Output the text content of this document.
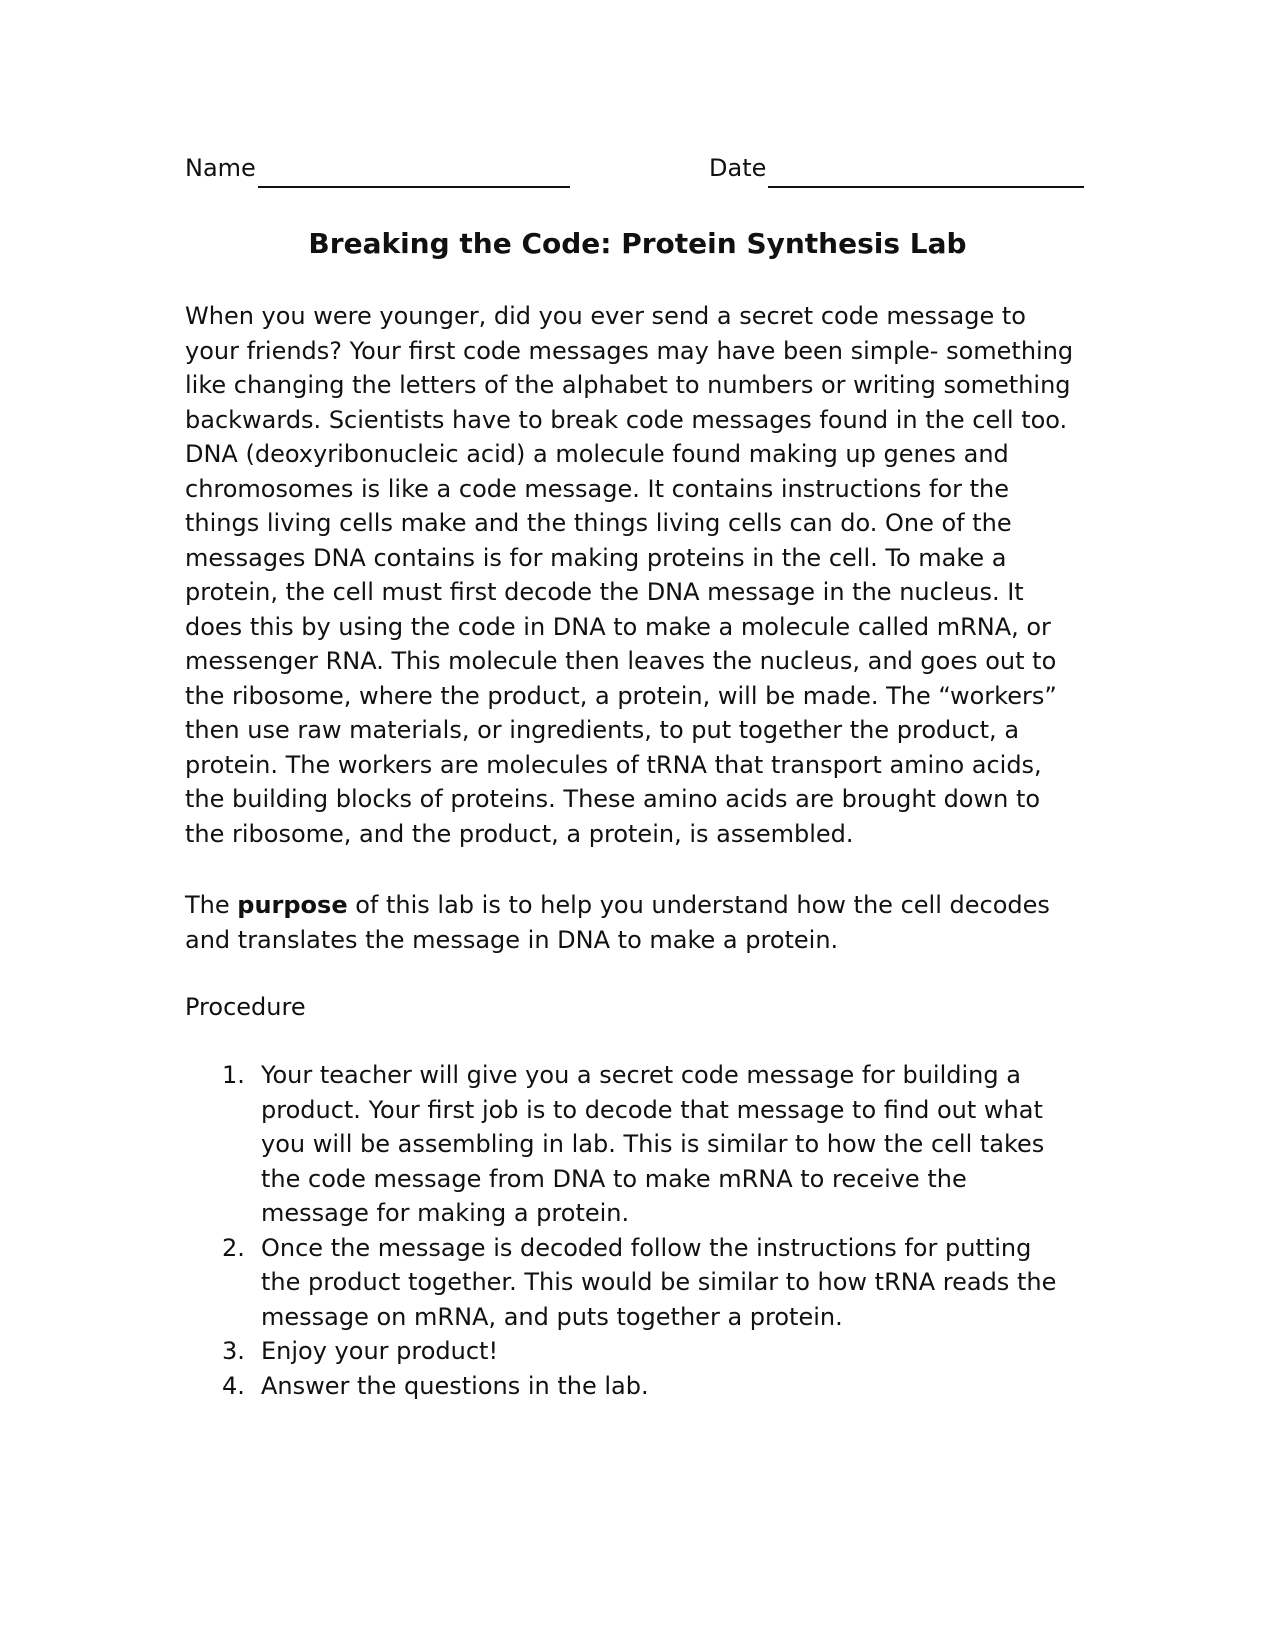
Name	Date
Breaking the Code: Protein Synthesis Lab

When you were younger, did you ever send a secret code message to your friends? Your first code messages may have been simple- something like changing the letters of the alphabet to numbers or writing something backwards. Scientists have to break code messages found in the cell too. DNA (deoxyribonucleic acid) a molecule found making up genes and chromosomes is like a code message. It contains instructions for the things living cells make and the things living cells can do. One of the messages DNA contains is for making proteins in the cell. To make a protein, the cell must first decode the DNA message in the nucleus. It does this by using the code in DNA to make a molecule called mRNA, or messenger RNA. This molecule then leaves the nucleus, and goes out to the ribosome, where the product, a protein, will be made. The “workers” then use raw materials, or ingredients, to put together the product, a protein. The workers are molecules of tRNA that transport amino acids, the building blocks of proteins. These amino acids are brought down to the ribosome, and the product, a protein, is assembled.

The purpose of this lab is to help you understand how the cell decodes and translates the message in DNA to make a protein.

Procedure

1. Your teacher will give you a secret code message for building a product. Your first job is to decode that message to find out what you will be assembling in lab. This is similar to how the cell takes the code message from DNA to make mRNA to receive the message for making a protein.
2. Once the message is decoded follow the instructions for putting the product together. This would be similar to how tRNA reads the message on mRNA, and puts together a protein.
3. Enjoy your product!
4. Answer the questions in the lab.
